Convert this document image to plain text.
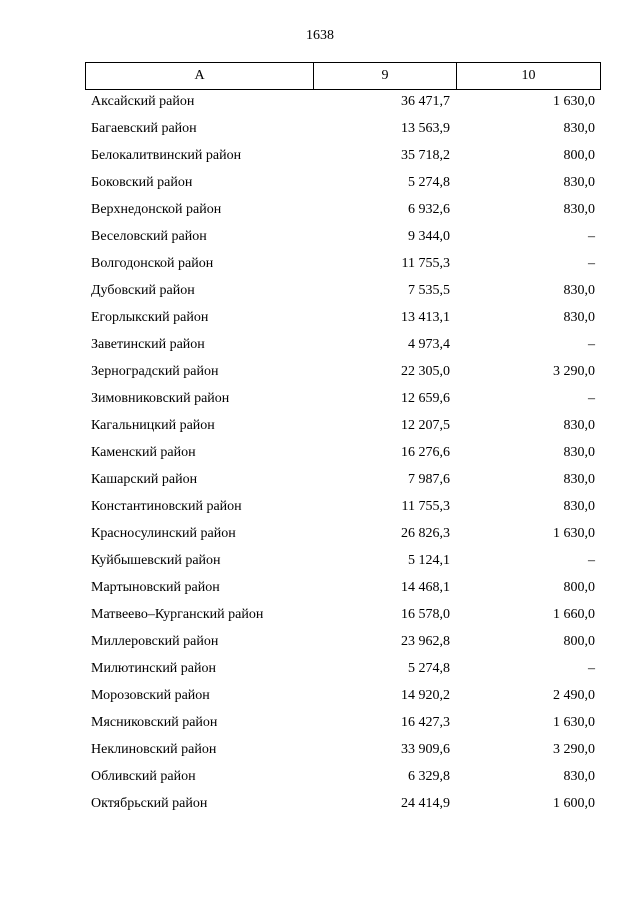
1638
А	9	10
Аксайский район	36 471,7	1 630,0
Багаевский район	13 563,9	830,0
Белокалитвинский район	35 718,2	800,0
Боковский район	5 274,8	830,0
Верхнедонской район	6 932,6	830,0
Веселовский район	9 344,0	–
Волгодонской район	11 755,3	–
Дубовский район	7 535,5	830,0
Егорлыкский район	13 413,1	830,0
Заветинский район	4 973,4	–
Зерноградский район	22 305,0	3 290,0
Зимовниковский район	12 659,6	–
Кагальницкий район	12 207,5	830,0
Каменский район	16 276,6	830,0
Кашарский район	7 987,6	830,0
Константиновский район	11 755,3	830,0
Красносулинский район	26 826,3	1 630,0
Куйбышевский район	5 124,1	–
Мартыновский район	14 468,1	800,0
Матвеево–Курганский район	16 578,0	1 660,0
Миллеровский район	23 962,8	800,0
Милютинский район	5 274,8	–
Морозовский район	14 920,2	2 490,0
Мясниковский район	16 427,3	1 630,0
Неклиновский район	33 909,6	3 290,0
Обливский район	6 329,8	830,0
Октябрьский район	24 414,9	1 600,0
